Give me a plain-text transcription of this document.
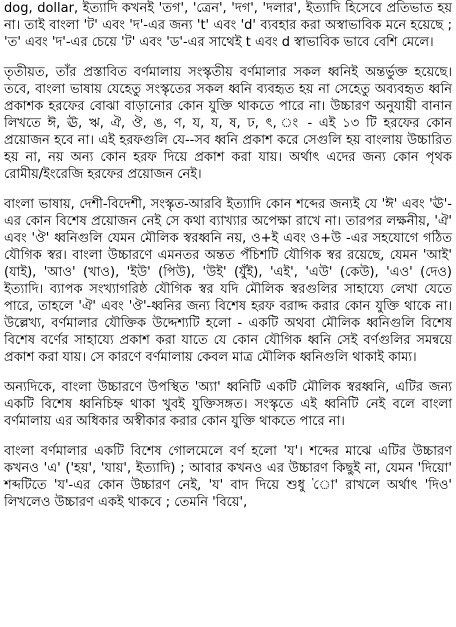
dog, dollar, ইত্যাদি কখনই 'তগ', 'ত্রেন', 'দগ', 'দলার', ইত্যাদি হিসেবে প্রতিভাত হয় না। তাই বাংলা 'ট' এবং 'দ'-এর জন্য 't' এবং 'd' ব্যবহার করা অস্বাভাবিক মনে হয়েছে ; 'ত' এবং 'দ'-এর চেয়ে 'ট' এবং 'ড'-এর সাথেই t এবং d স্বাভাবিক ভাবে বেশি মেলে।

তৃতীয়ত, তাঁর প্রস্তাবিত বর্ণমালায় সংস্কৃতীয় বর্ণমালার সকল ধ্বনিই অন্তর্ভুক্ত হয়েছে। তবে, বাংলা ভাষায় যেহেতু সংস্কৃতের সকল ধ্বনি ব্যবহৃত হয় না সেহেতু অব্যবহৃত ধ্বনি প্রকাশক হরফের বোঝা বাড়ানোর কোন যুক্তি থাকতে পারে না। উচ্চারণ অনুযায়ী বানান লিখতে ঈ, ঊ, ঋ, ঐ, ঔ, ঙ, ণ, য, য, ষ, ঢ, ৎ, ং - এই ১৩ টি হরফের কোন প্রয়োজন হবে না। এই হরফগুলি যে--সব ধ্বনি প্রকাশ করে সেগুলি হয় বাংলায় উচ্চারিত হয় না, নয় অন্য কোন হরফ দিয়ে প্রকাশ করা যায়। অর্থাৎ এদের জন্য কোন পৃথক রোমীয়/ইংরেজি হরফের প্রয়োজন নেই।

বাংলা ভাষায়, দেশী-বিদেশী, সংস্কৃত-আরবি ইত্যাদি কোন শব্দের জন্যই যে 'ঈ' এবং 'ঊ'-এর কোন বিশেষ প্রয়োজন নেই সে কথা ব্যাখ্যার অপেক্ষা রাখে না। তারপর লক্ষনীয়, 'ঐ' এবং 'ঔ' ধ্বনিগুলি যেমন মৌলিক স্বরধ্বনি নয়, ও+ই এবং ও+উ -এর সহযোগে গঠিত যৌগিক স্বর। বাংলা উচ্চারণে এমনতর অন্তত পঁচিশটি যৌগিক স্বর রয়েছে, যেমন 'আই' (যাই), 'আও' (খাও), 'ইউ' (পিউ), 'উই' (যুঁই), 'এই', 'এউ' (কেউ), 'এও' (দেও) ইত্যাদি। ব্যাপক সংখ্যাগরিষ্ঠ যৌগিক স্বর যদি মৌলিক স্বরগুলির সাহায্যে লেখা যেতে পারে, তাহলে 'ঐ' এবং 'ঔ'-ধ্বনির জন্য বিশেষ হরফ বরাদ্দ করার কোন যুক্তি থাকে না। উল্লেখ্য, বর্ণমালার যৌক্তিক উদ্দেশ্যটি হলো - একটি অথবা মৌলিক ধ্বনিগুলি বিশেষ বিশেষ বর্ণের সাহায্যে প্রকাশ করা যাতে যে কোন যৌগিক ধ্বনি সেই বর্ণগুলির সমন্বয়ে প্রকাশ করা যায়। সে কারণে বর্ণমালায় কেবল মাত্র মৌলিক ধ্বনিগুলি থাকাই কাম্য।

অন্যদিকে, বাংলা উচ্চারণে উপস্থিত 'অ্যা' ধ্বনিটি একটি মৌলিক স্বরধ্বনি, এটির জন্য একটি বিশেষ ধ্বনিচিহ্ন থাকা খুবই যুক্তিসঙ্গত। সংস্কৃতে এই ধ্বনিটি নেই বলে বাংলা বর্ণমালায় এর অধিকার অস্বীকার করার কোন যুক্তি থাকতে পারে না।

বাংলা বর্ণমালার একটি বিশেষ গোলমেলে বর্ণ হলো 'য'। শব্দের মাঝে এটির উচ্চারণ কখনও 'এ' ('হয়', 'যায়', ইত্যাদি) ; আবার কখনও এর উচ্চারণ কিছুই না, যেমন 'দিয়ো' শব্দটিতে 'য'-এর কোন উচ্চারণ নেই, 'য' বাদ দিয়ে শুধু 'ো' রাখলে অর্থাৎ 'দিও' লিখলেও উচ্চারণ একই থাকবে ; তেমনি 'বিয়ে',
